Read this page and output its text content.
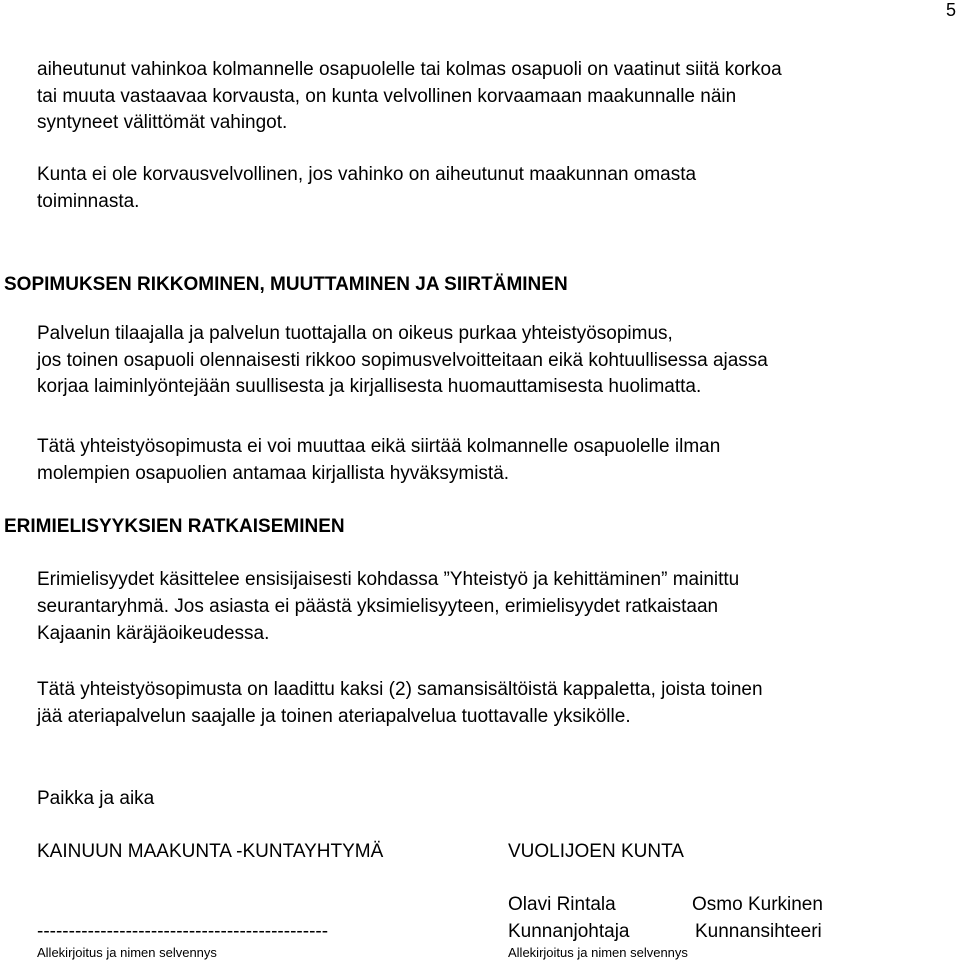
5
aiheutunut vahinkoa kolmannelle osapuolelle tai kolmas osapuoli on vaatinut siitä korkoa
tai muuta vastaavaa korvausta, on kunta velvollinen korvaamaan maakunnalle näin
syntyneet välittömät vahingot.
Kunta ei ole korvausvelvollinen, jos vahinko on aiheutunut maakunnan omasta
toiminnasta.
SOPIMUKSEN RIKKOMINEN, MUUTTAMINEN JA SIIRTÄMINEN
Palvelun tilaajalla ja palvelun tuottajalla on oikeus purkaa yhteistyösopimus,
jos toinen osapuoli olennaisesti rikkoo sopimusvelvoitteitaan eikä kohtuullisessa ajassa
korjaa laiminlyöntejään suullisesta ja kirjallisesta huomauttamisesta huolimatta.
Tätä yhteistyösopimusta ei voi muuttaa eikä siirtää kolmannelle osapuolelle ilman
molempien osapuolien antamaa kirjallista hyväksymistä.
ERIMIELISYYKSIEN RATKAISEMINEN
Erimielisyydet käsittelee ensisijaisesti kohdassa ”Yhteistyö ja kehittäminen” mainittu
seurantaryhmä. Jos asiasta ei päästä yksimielisyyteen, erimielisyydet ratkaistaan
Kajaanin käräjäoikeudessa.
Tätä yhteistyösopimusta on laadittu kaksi (2) samansisältöistä kappaletta, joista toinen
jää ateriapalvelun saajalle ja toinen ateriapalvelua tuottavalle yksikölle.
Paikka ja aika
KAINUUN MAAKUNTA -KUNTAYHTYMÄ	VUOLIJOEN KUNTA
Olavi Rintala	Osmo Kurkinen
Kunnanjohtaja	Kunnansihteeri
----------------------------------------------
Allekirjoitus ja nimen selvennys	Allekirjoitus ja nimen selvennys
